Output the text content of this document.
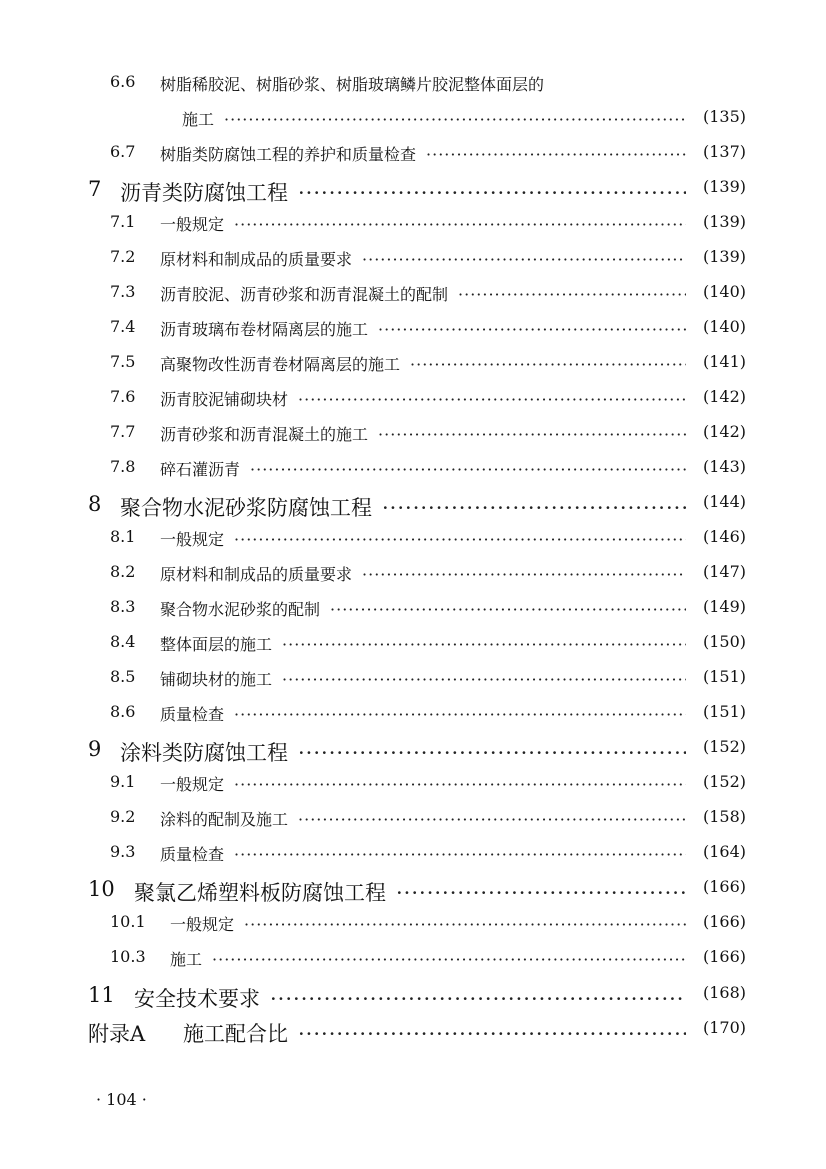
6.6 树脂稀胶泥、树脂砂浆、树脂玻璃鳞片胶泥整体面层的
施工 ·····	(135)
6.7 树脂类防腐蚀工程的养护和质量检查 ·····	(137)
7 沥青类防腐蚀工程 ·····	(139)
7.1 一般规定 ·····	(139)
7.2 原材料和制成品的质量要求 ·····	(139)
7.3 沥青胶泥、沥青砂浆和沥青混凝土的配制 ·····	(140)
7.4 沥青玻璃布卷材隔离层的施工 ·····	(140)
7.5 高聚物改性沥青卷材隔离层的施工 ·····	(141)
7.6 沥青胶泥铺砌块材 ·····	(142)
7.7 沥青砂浆和沥青混凝土的施工 ·····	(142)
7.8 碎石灌沥青 ·····	(143)
8 聚合物水泥砂浆防腐蚀工程 ·····	(144)
8.1 一般规定 ·····	(146)
8.2 原材料和制成品的质量要求 ·····	(147)
8.3 聚合物水泥砂浆的配制 ·····	(149)
8.4 整体面层的施工 ·····	(150)
8.5 铺砌块材的施工 ·····	(151)
8.6 质量检查 ·····	(151)
9 涂料类防腐蚀工程 ·····	(152)
9.1 一般规定 ·····	(152)
9.2 涂料的配制及施工 ·····	(158)
9.3 质量检查 ·····	(164)
10 聚氯乙烯塑料板防腐蚀工程 ·····	(166)
10.1 一般规定 ·····	(166)
10.3 施工 ·····	(166)
11 安全技术要求 ·····	(168)
附录A 施工配合比 ·····	(170)
· 104 ·
